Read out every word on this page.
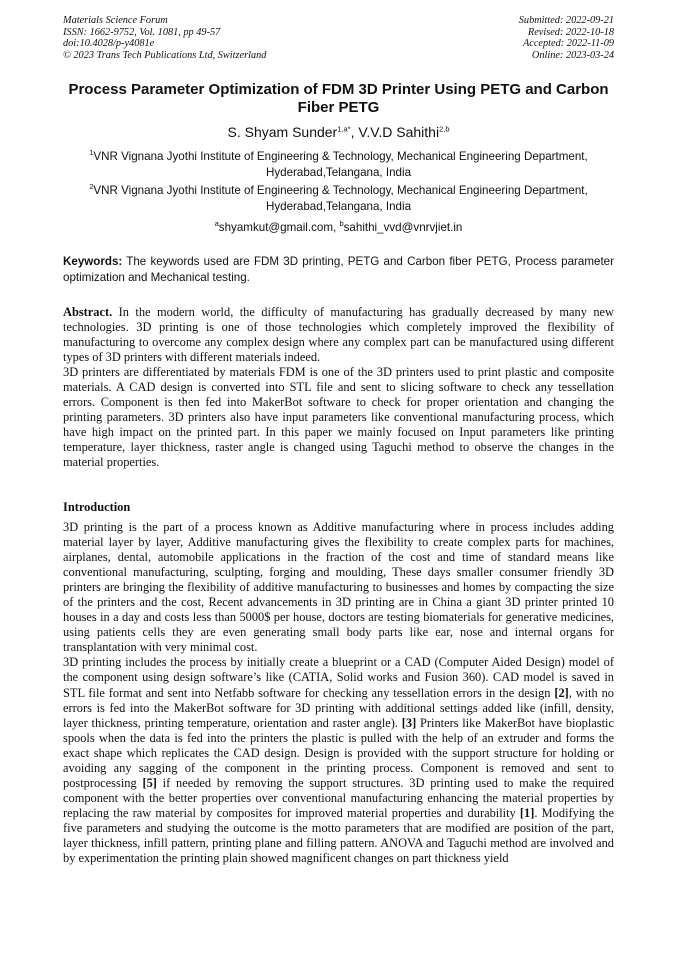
Materials Science Forum
ISSN: 1662-9752, Vol. 1081, pp 49-57
doi:10.4028/p-y4081e
© 2023 Trans Tech Publications Ltd, Switzerland
Submitted: 2022-09-21
Revised: 2022-10-18
Accepted: 2022-11-09
Online: 2023-03-24
Process Parameter Optimization of FDM 3D Printer Using PETG and Carbon Fiber PETG
S. Shyam Sunder$^{1,a*}$, V.V.D Sahithi$^{2,b}$
$^1$VNR Vignana Jyothi Institute of Engineering & Technology, Mechanical Engineering Department, Hyderabad,Telangana, India
$^2$VNR Vignana Jyothi Institute of Engineering & Technology, Mechanical Engineering Department, Hyderabad,Telangana, India
$^a$shyamkut@gmail.com, $^b$sahithi_vvd@vnrvjiet.in
Keywords: The keywords used are FDM 3D printing, PETG and Carbon fiber PETG, Process parameter optimization and Mechanical testing.

Abstract. In the modern world, the difficulty of manufacturing has gradually decreased by many new technologies. 3D printing is one of those technologies which completely improved the flexibility of manufacturing to overcome any complex design where any complex part can be manufactured using different types of 3D printers with different materials indeed.

3D printers are differentiated by materials FDM is one of the 3D printers used to print plastic and composite materials. A CAD design is converted into STL file and sent to slicing software to check any tessellation errors. Component is then fed into MakerBot software to check for proper orientation and changing the printing parameters. 3D printers also have input parameters like conventional manufacturing process, which have high impact on the printed part. In this paper we mainly focused on Input parameters like printing temperature, layer thickness, raster angle is changed using Taguchi method to observe the changes in the material properties.

Introduction

3D printing is the part of a process known as Additive manufacturing where in process includes adding material layer by layer, Additive manufacturing gives the flexibility to create complex parts for machines, airplanes, dental, automobile applications in the fraction of the cost and time of standard means like conventional manufacturing, sculpting, forging and moulding, These days smaller consumer friendly 3D printers are bringing the flexibility of additive manufacturing to businesses and homes by compacting the size of the printers and the cost, Recent advancements in 3D printing are in China a giant 3D printer printed 10 houses in a day and costs less than 5000$ per house, doctors are testing biomaterials for generative medicines, using patients cells they are even generating small body parts like ear, nose and internal organs for transplantation with very minimal cost.

3D printing includes the process by initially create a blueprint or a CAD (Computer Aided Design) model of the component using design software’s like (CATIA, Solid works and Fusion 360). CAD model is saved in STL file format and sent into Netfabb software for checking any tessellation errors in the design [2], with no errors is fed into the MakerBot software for 3D printing with additional settings added like (infill, density, layer thickness, printing temperature, orientation and raster angle). [3] Printers like MakerBot have bioplastic spools when the data is fed into the printers the plastic is pulled with the help of an extruder and forms the exact shape which replicates the CAD design. Design is provided with the support structure for holding or avoiding any sagging of the component in the printing process. Component is removed and sent to postprocessing [5] if needed by removing the support structures. 3D printing used to make the required component with the better properties over conventional manufacturing enhancing the material properties by replacing the raw material by composites for improved material properties and durability [1]. Modifying the five parameters and studying the outcome is the motto parameters that are modified are position of the part, layer thickness, infill pattern, printing plane and filling pattern. ANOVA and Taguchi method are involved and by experimentation the printing plain showed magnificent changes on part thickness yield
